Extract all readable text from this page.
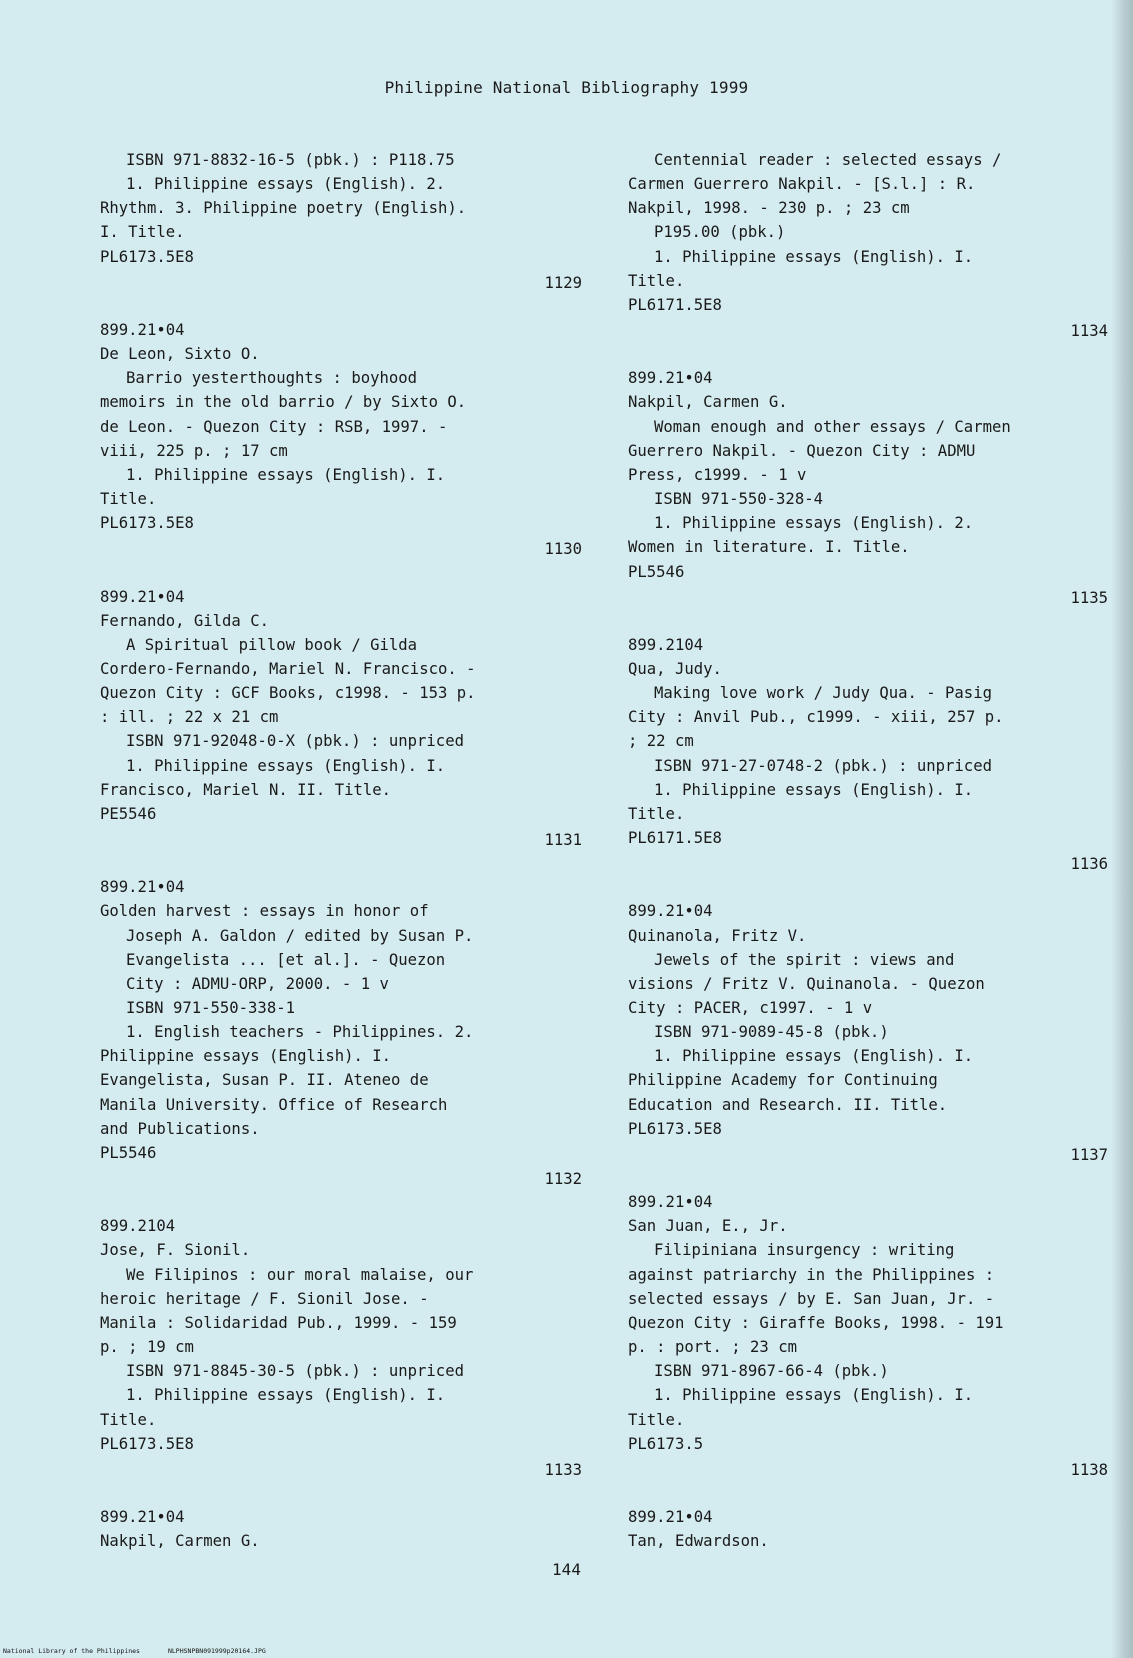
Philippine National Bibliography 1999
ISBN 971-8832-16-5 (pbk.) : P118.75
1. Philippine essays (English). 2.
Rhythm. 3. Philippine poetry (English).
I. Title.
PL6173.5E8
1129
899.21•04
De Leon, Sixto O.
Barrio yesterthoughts : boyhood
memoirs in the old barrio / by Sixto O.
de Leon. - Quezon City : RSB, 1997. -
viii, 225 p. ; 17 cm
1. Philippine essays (English). I.
Title.
PL6173.5E8
1130
899.21•04
Fernando, Gilda C.
A Spiritual pillow book / Gilda
Cordero-Fernando, Mariel N. Francisco. -
Quezon City : GCF Books, c1998. - 153 p.
: ill. ; 22 x 21 cm
ISBN 971-92048-0-X (pbk.) : unpriced
1. Philippine essays (English). I.
Francisco, Mariel N. II. Title.
PE5546
1131
899.21•04
Golden harvest : essays in honor of
Joseph A. Galdon / edited by Susan P.
Evangelista ... [et al.]. - Quezon
City : ADMU-ORP, 2000. - 1 v
ISBN 971-550-338-1
1. English teachers - Philippines. 2.
Philippine essays (English). I.
Evangelista, Susan P. II. Ateneo de
Manila University. Office of Research
and Publications.
PL5546
1132
899.2104
Jose, F. Sionil.
We Filipinos : our moral malaise, our
heroic heritage / F. Sionil Jose. -
Manila : Solidaridad Pub., 1999. - 159
p. ; 19 cm
ISBN 971-8845-30-5 (pbk.) : unpriced
1. Philippine essays (English). I.
Title.
PL6173.5E8
1133
899.21•04
Nakpil, Carmen G.
Centennial reader : selected essays /
Carmen Guerrero Nakpil. - [S.l.] : R.
Nakpil, 1998. - 230 p. ; 23 cm
P195.00 (pbk.)
1. Philippine essays (English). I.
Title.
PL6171.5E8
1134
899.21•04
Nakpil, Carmen G.
Woman enough and other essays / Carmen
Guerrero Nakpil. - Quezon City : ADMU
Press, c1999. - 1 v
ISBN 971-550-328-4
1. Philippine essays (English). 2.
Women in literature. I. Title.
PL5546
1135
899.2104
Qua, Judy.
Making love work / Judy Qua. - Pasig
City : Anvil Pub., c1999. - xiii, 257 p.
; 22 cm
ISBN 971-27-0748-2 (pbk.) : unpriced
1. Philippine essays (English). I.
Title.
PL6171.5E8
1136
899.21•04
Quinanola, Fritz V.
Jewels of the spirit : views and
visions / Fritz V. Quinanola. - Quezon
City : PACER, c1997. - 1 v
ISBN 971-9089-45-8 (pbk.)
1. Philippine essays (English). I.
Philippine Academy for Continuing
Education and Research. II. Title.
PL6173.5E8
1137
899.21•04
San Juan, E., Jr.
Filipiniana insurgency : writing
against patriarchy in the Philippines :
selected essays / by E. San Juan, Jr. -
Quezon City : Giraffe Books, 1998. - 191
p. : port. ; 23 cm
ISBN 971-8967-66-4 (pbk.)
1. Philippine essays (English). I.
Title.
PL6173.5
1138
899.21•04
Tan, Edwardson.
144
National Library of the Philippines	NLPHSNPBN091999p20164.JPG
